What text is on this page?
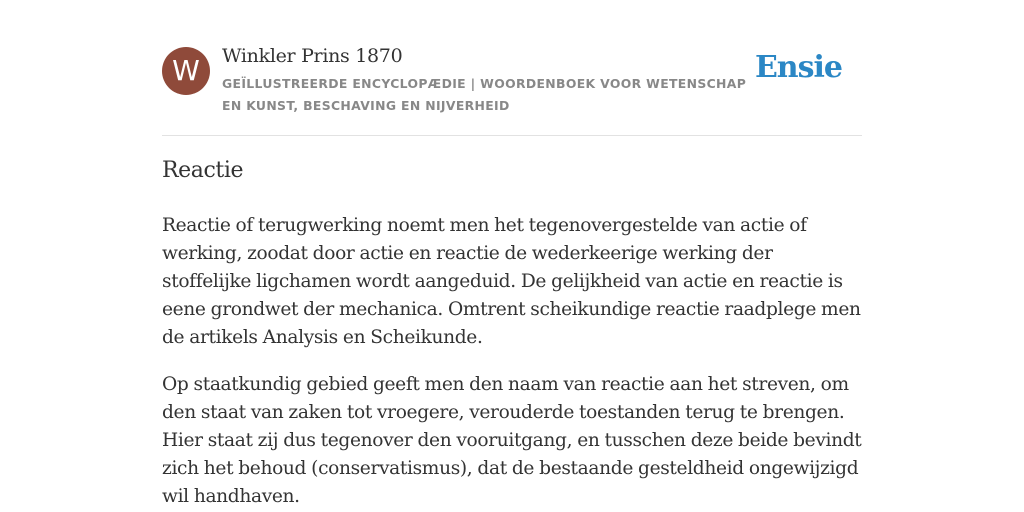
W	Winkler Prins 1870
GEÏLLUSTREERDE ENCYCLOPÆDIE | WOORDENBOEK VOOR WETENSCHAP EN KUNST, BESCHAVING EN NIJVERHEID
Ensie
Reactie

Reactie of terugwerking noemt men het tegenovergestelde van actie of werking, zoodat door actie en reactie de wederkeerige werking der stoffelijke ligchamen wordt aangeduid. De gelijkheid van actie en reactie is eene grondwet der mechanica. Omtrent scheikundige reactie raadplege men de artikels Analysis en Scheikunde.

Op staatkundig gebied geeft men den naam van reactie aan het streven, om den staat van zaken tot vroegere, verouderde toestanden terug te brengen. Hier staat zij dus tegenover den vooruitgang, en tusschen deze beide bevindt zich het behoud (conservatismus), dat de bestaande gesteldheid ongewijzigd wil handhaven.
